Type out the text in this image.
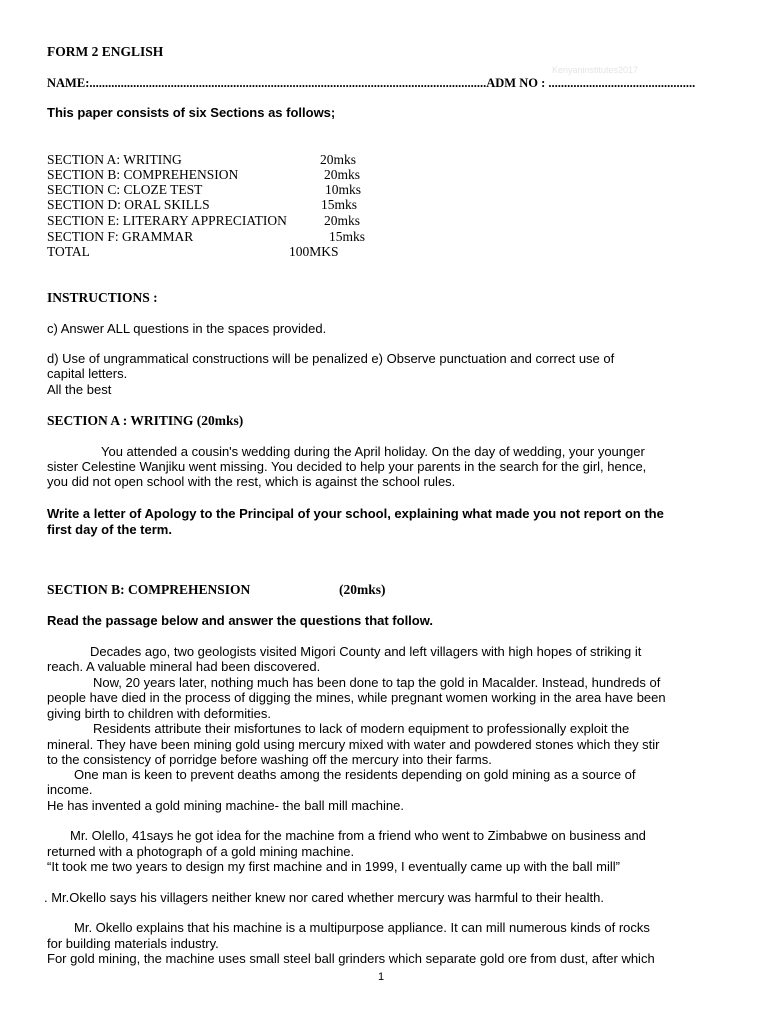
FORM 2 ENGLISH
Kenyaninstitutes2017
NAME:...............................................................................................................................ADM NO : ...............................................
This paper consists of six Sections as follows;
SECTION A: WRITING	20mks
SECTION B: COMPREHENSION	20mks
SECTION C: CLOZE TEST	10mks
SECTION D: ORAL SKILLS	15mks
SECTION E: LITERARY APPRECIATION	20mks
SECTION F: GRAMMAR	15mks
TOTAL	100MKS
INSTRUCTIONS :
c) Answer ALL questions in the spaces provided.
d) Use of ungrammatical constructions will be penalized e) Observe punctuation and correct use of
capital letters.
All the best
SECTION A : WRITING (20mks)
You attended a cousin's wedding during the April holiday. On the day of wedding, your younger
sister Celestine Wanjiku went missing. You decided to help your parents in the search for the girl, hence,
you did not open school with the rest, which is against the school rules.
Write a letter of Apology to the Principal of your school, explaining what made you not report on the
first day of the term.
SECTION B: COMPREHENSION	(20mks)
Read the passage below and answer the questions that follow.
Decades ago, two geologists visited Migori County and left villagers with high hopes of striking it
reach. A valuable mineral had been discovered.
Now, 20 years later, nothing much has been done to tap the gold in Macalder. Instead, hundreds of
people have died in the process of digging the mines, while pregnant women working in the area have been
giving birth to children with deformities.
Residents attribute their misfortunes to lack of modern equipment to professionally exploit the
mineral. They have been mining gold using mercury mixed with water and powdered stones which they stir
to the consistency of porridge before washing off the mercury into their farms.
One man is keen to prevent deaths among the residents depending on gold mining as a source of
income.
He has invented a gold mining machine- the ball mill machine.
Mr. Olello, 41says he got idea for the machine from a friend who went to Zimbabwe on business and
returned with a photograph of a gold mining machine.
“It took me two years to design my first machine and in 1999, I eventually came up with the ball mill”
. Mr.Okello says his villagers neither knew nor cared whether mercury was harmful to their health.
Mr. Okello explains that his machine is a multipurpose appliance. It can mill numerous kinds of rocks
for building materials industry.
For gold mining, the machine uses small steel ball grinders which separate gold ore from dust, after which
1
